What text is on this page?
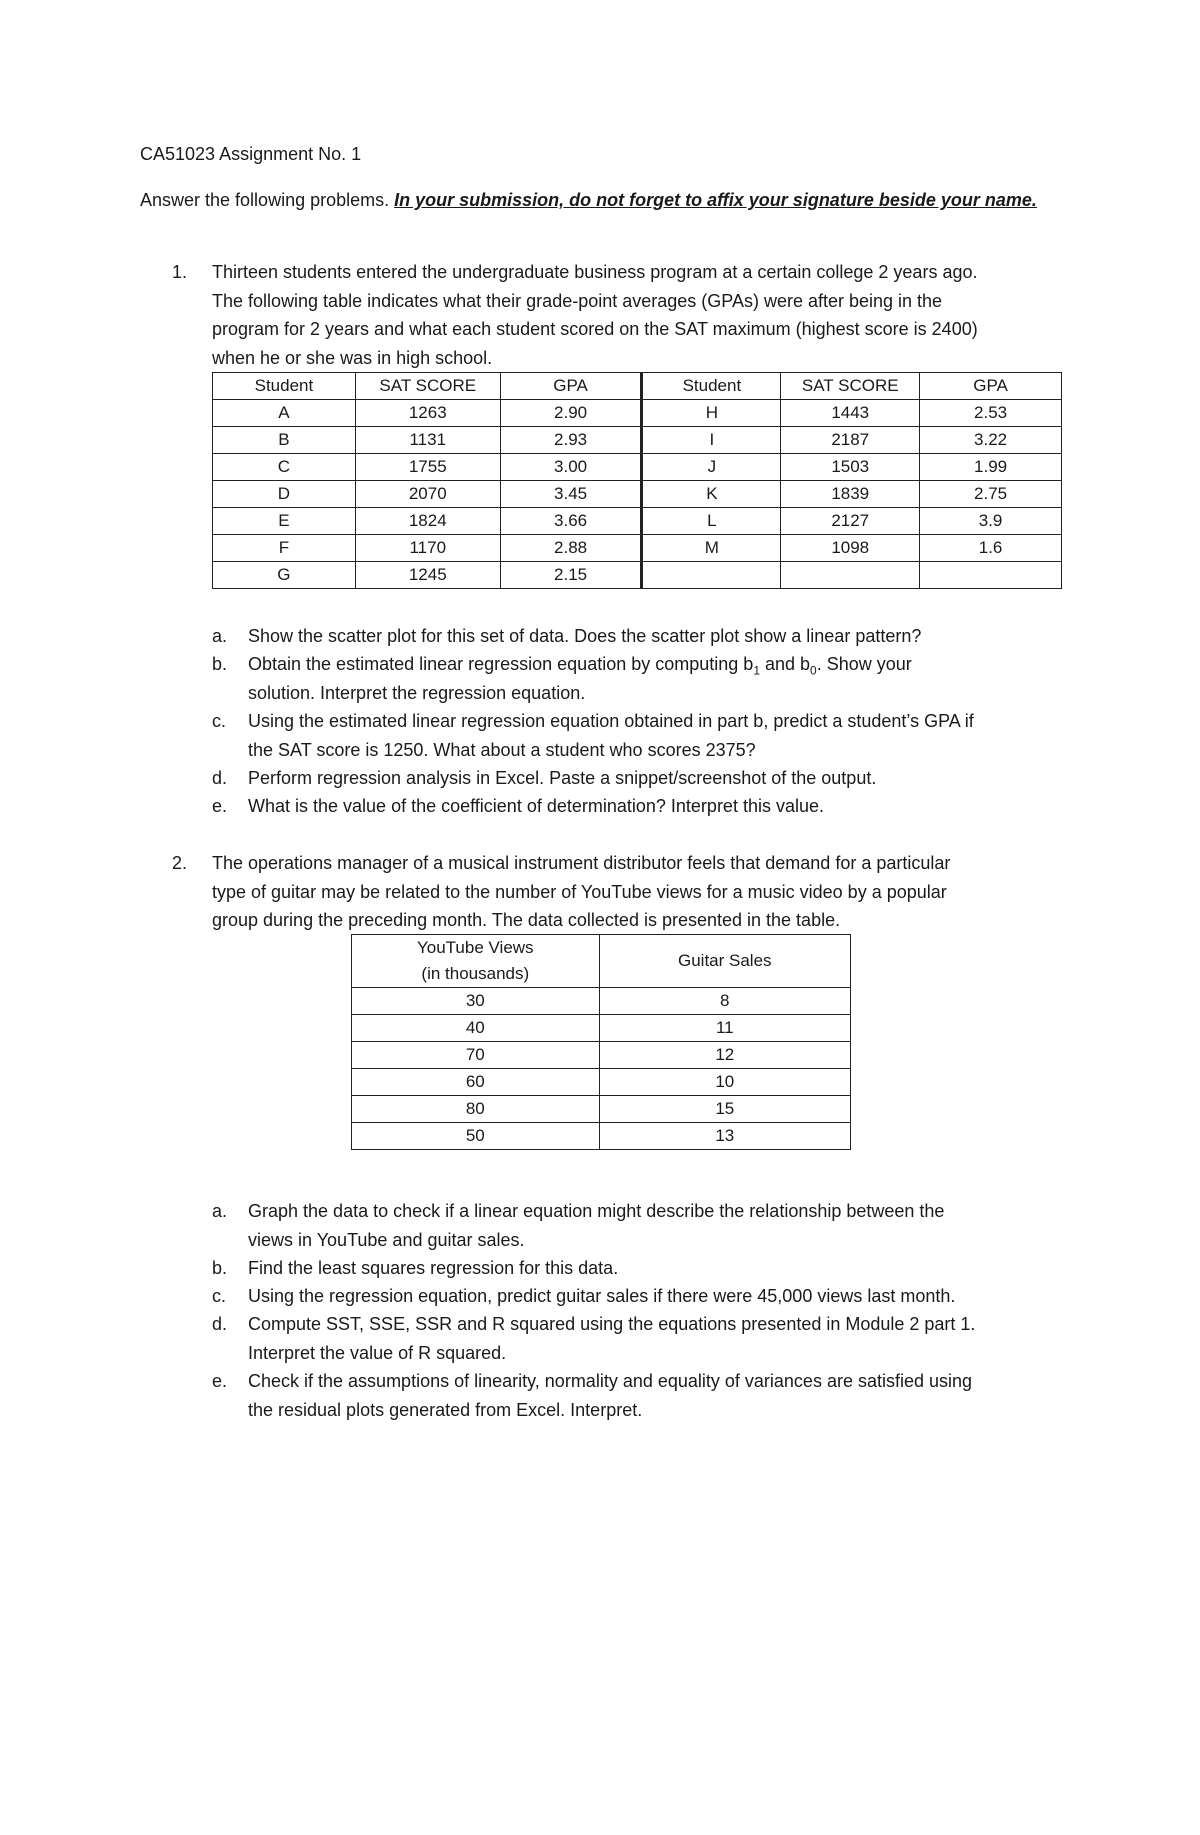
CA51023 Assignment No. 1
Answer the following problems. In your submission, do not forget to affix your signature beside your name.
1. Thirteen students entered the undergraduate business program at a certain college 2 years ago.
The following table indicates what their grade-point averages (GPAs) were after being in the
program for 2 years and what each student scored on the SAT maximum (highest score is 2400)
when he or she was in high school.
Student	SAT SCORE	GPA	Student	SAT SCORE	GPA
A	1263	2.90	H	1443	2.53
B	1131	2.93	I	2187	3.22
C	1755	3.00	J	1503	1.99
D	2070	3.45	K	1839	2.75
E	1824	3.66	L	2127	3.9
F	1170	2.88	M	1098	1.6
G	1245	2.15			
a. Show the scatter plot for this set of data. Does the scatter plot show a linear pattern?
b. Obtain the estimated linear regression equation by computing $b_1$ and $b_0$. Show your
solution. Interpret the regression equation.
c. Using the estimated linear regression equation obtained in part b, predict a student’s GPA if
the SAT score is 1250. What about a student who scores 2375?
d. Perform regression analysis in Excel. Paste a snippet/screenshot of the output.
e. What is the value of the coefficient of determination? Interpret this value.
2. The operations manager of a musical instrument distributor feels that demand for a particular
type of guitar may be related to the number of YouTube views for a music video by a popular
group during the preceding month. The data collected is presented in the table.
YouTube Views
(in thousands)	Guitar Sales
30	8
40	11
70	12
60	10
80	15
50	13
a. Graph the data to check if a linear equation might describe the relationship between the
views in YouTube and guitar sales.
b. Find the least squares regression for this data.
c. Using the regression equation, predict guitar sales if there were 45,000 views last month.
d. Compute SST, SSE, SSR and R squared using the equations presented in Module 2 part 1.
Interpret the value of R squared.
e. Check if the assumptions of linearity, normality and equality of variances are satisfied using
the residual plots generated from Excel. Interpret.
